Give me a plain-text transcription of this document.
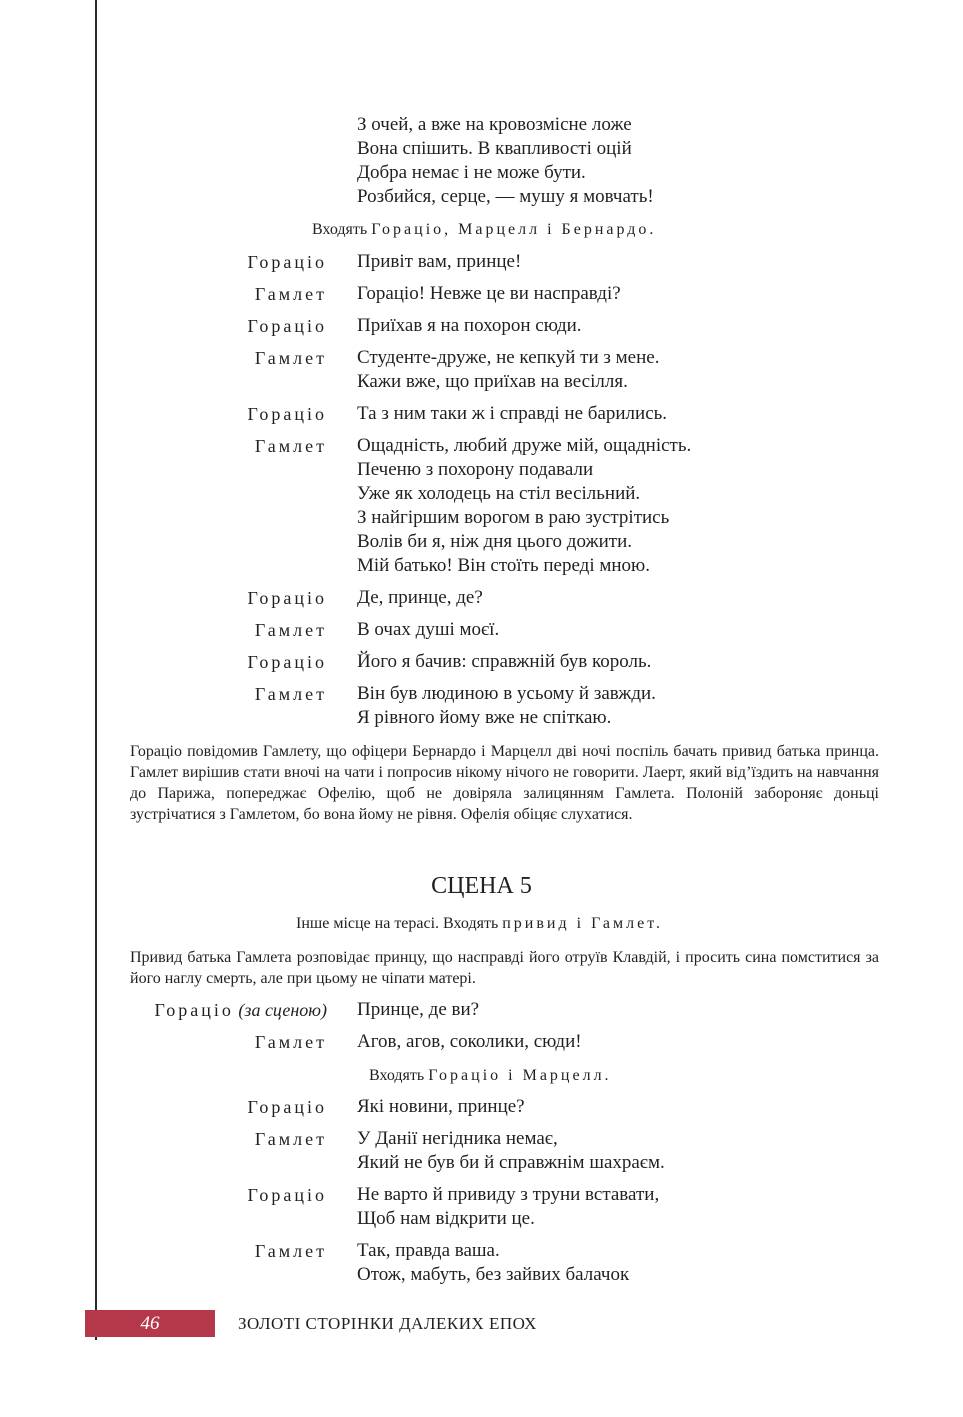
З очей, а вже на кровозмісне ложе
Вона спішить. В квапливості оцій
Добра немає і не може бути.
Розбийся, серце, — мушу я мовчать!
Входять Горацiо, Марцелл i Бернардо.
Горацiо Привіт вам, принце!
Гамлет Гораціо! Невже це ви насправді?
Горацiо Приїхав я на похорон сюди.
Гамлет Студенте-друже, не кепкуй ти з мене.
Кажи вже, що приїхав на весілля.
Горацiо Та з ним таки ж і справді не барились.
Гамлет Ощадність, любий друже мій, ощадність.
Печеню з похорону подавали
Уже як холодець на стіл весільний.
З найгіршим ворогом в раю зустрітись
Волів би я, ніж дня цього дожити.
Мій батько! Він стоїть переді мною.
Горацiо Де, принце, де?
Гамлет В очах душі моєї.
Горацiо Його я бачив: справжній був король.
Гамлет Він був людиною в усьому й завжди.
Я рівного йому вже не спіткаю.
Гораціо повідомив Гамлету, що офіцери Бернардо і Марцелл дві ночі поспіль бачать привид батька принца. Гамлет вирішив стати вночі на чати і попросив нікому нічого не говорити. Лаерт, який від’їздить на навчання до Парижа, попереджає Офелію, щоб не довіряла залицянням Гамлета. Полоній забороняє доньці зустрічатися з Гамлетом, бо вона йому не рівня. Офелія обіцяє слухатися.
СЦЕНА 5
Інше місце на терасі. Входять привид і Гамлет.
Привид батька Гамлета розповідає принцу, що насправді його отруїв Клавдій, і просить сина помститися за його наглу смерть, але при цьому не чіпати матері.
Горацiо (за сценою) Принце, де ви?
Гамлет Агов, агов, соколики, сюди!
Входять Горацiо i Марцелл.
Горацiо Які новини, принце?
Гамлет У Данії негідника немає,
Який не був би й справжнім шахраєм.
Горацiо Не варто й привиду з труни вставати,
Щоб нам відкрити це.
Гамлет Так, правда ваша.
Отож, мабуть, без зайвих балачок
46	ЗОЛОТІ СТОРІНКИ ДАЛЕКИХ ЕПОХ
